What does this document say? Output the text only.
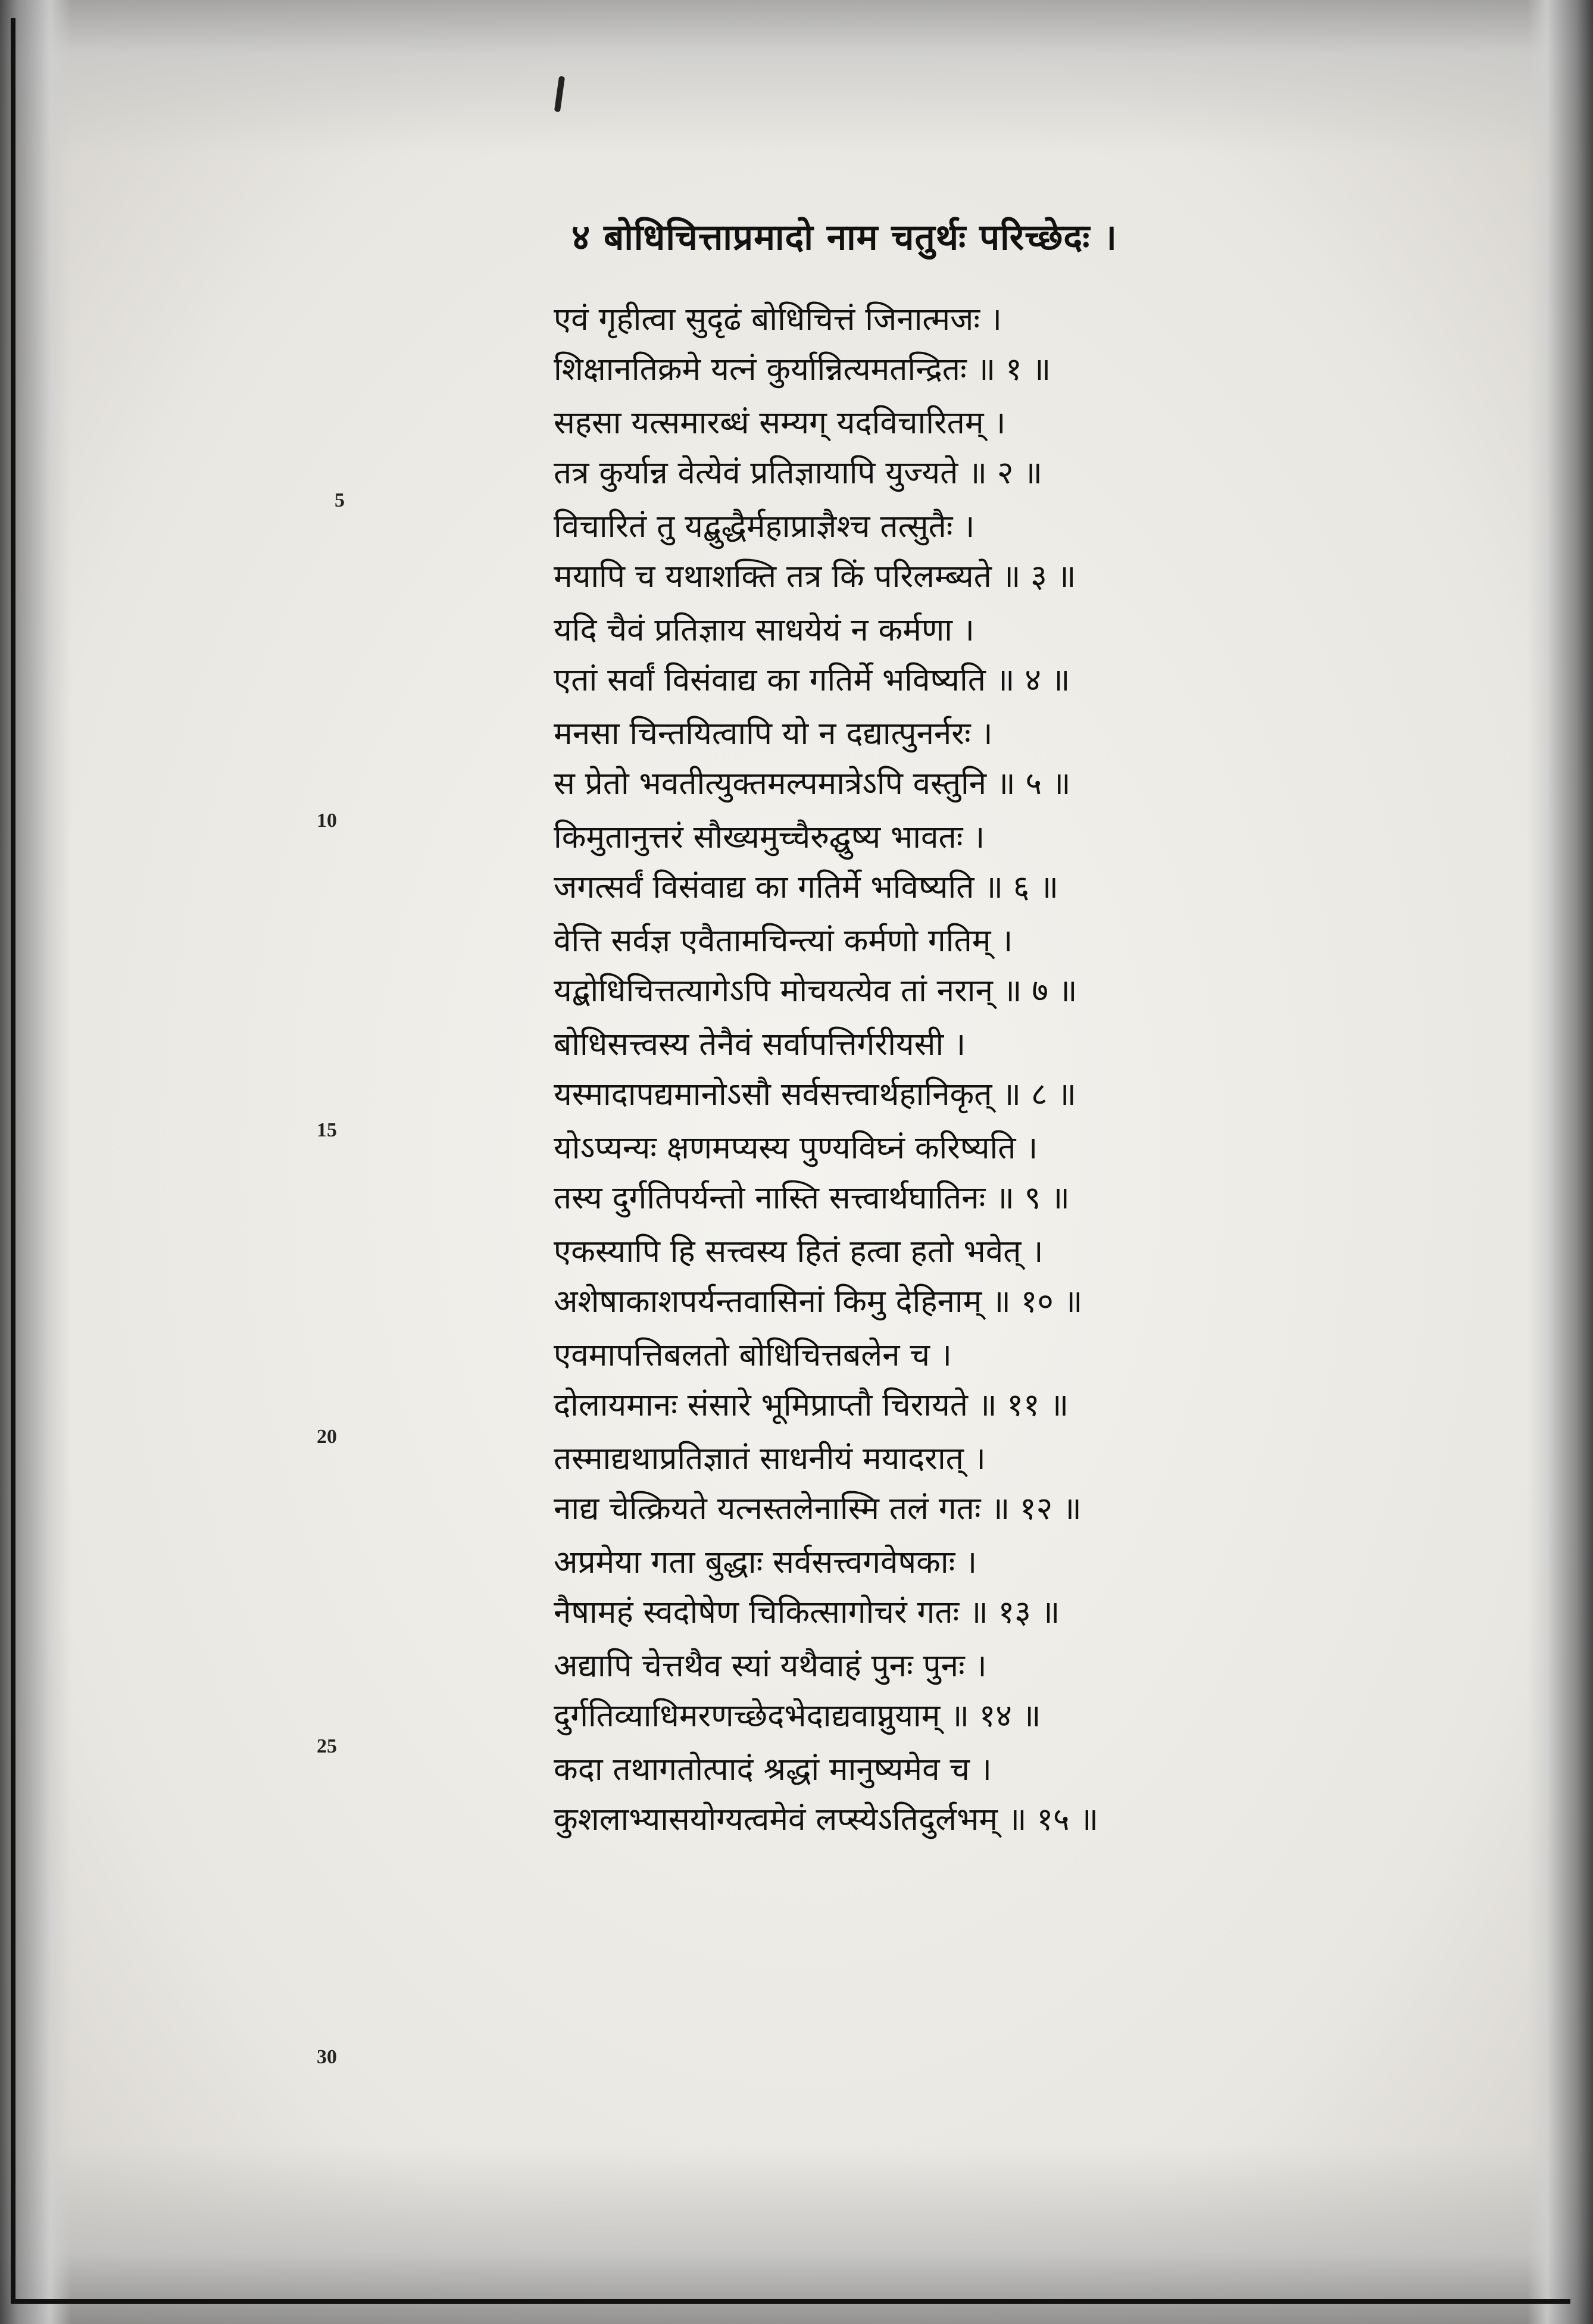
४ बोधिचित्ताप्रमादो नाम चतुर्थः परिच्छेदः ।
5
10
15
20
25
30
एवं गृहीत्वा सुदृढं बोधिचित्तं जिनात्मजः ।
शिक्षानतिक्रमे यत्नं कुर्यान्नित्यमतन्द्रितः ॥ १ ॥
सहसा यत्समारब्धं सम्यग् यदविचारितम् ।
तत्र कुर्यान्न वेत्येवं प्रतिज्ञायापि युज्यते ॥ २ ॥
विचारितं तु यद्बुद्धैर्महाप्राज्ञैश्च तत्सुतैः ।
मयापि च यथाशक्ति तत्र किं परिलम्ब्यते ॥ ३ ॥
यदि चैवं प्रतिज्ञाय साधयेयं न कर्मणा ।
एतां सर्वां विसंवाद्य का गतिर्मे भविष्यति ॥ ४ ॥
मनसा चिन्तयित्वापि यो न दद्यात्पुनर्नरः ।
स प्रेतो भवतीत्युक्तमल्पमात्रेऽपि वस्तुनि ॥ ५ ॥
किमुतानुत्तरं सौख्यमुच्चैरुद्घुष्य भावतः ।
जगत्सर्वं विसंवाद्य का गतिर्मे भविष्यति ॥ ६ ॥
वेत्ति सर्वज्ञ एवैतामचिन्त्यां कर्मणो गतिम् ।
यद्बोधिचित्तत्यागेऽपि मोचयत्येव तां नरान् ॥ ७ ॥
बोधिसत्त्वस्य तेनैवं सर्वापत्तिर्गरीयसी ।
यस्मादापद्यमानोऽसौ सर्वसत्त्वार्थहानिकृत् ॥ ८ ॥
योऽप्यन्यः क्षणमप्यस्य पुण्यविघ्नं करिष्यति ।
तस्य दुर्गतिपर्यन्तो नास्ति सत्त्वार्थघातिनः ॥ ९ ॥
एकस्यापि हि सत्त्वस्य हितं हत्वा हतो भवेत् ।
अशेषाकाशपर्यन्तवासिनां किमु देहिनाम् ॥ १० ॥
एवमापत्तिबलतो बोधिचित्तबलेन च ।
दोलायमानः संसारे भूमिप्राप्तौ चिरायते ॥ ११ ॥
तस्माद्यथाप्रतिज्ञातं साधनीयं मयादरात् ।
नाद्य चेत्क्रियते यत्नस्तलेनास्मि तलं गतः ॥ १२ ॥
अप्रमेया गता बुद्धाः सर्वसत्त्वगवेषकाः ।
नैषामहं स्वदोषेण चिकित्सागोचरं गतः ॥ १३ ॥
अद्यापि चेत्तथैव स्यां यथैवाहं पुनः पुनः ।
दुर्गतिव्याधिमरणच्छेदभेदाद्यवाप्नुयाम् ॥ १४ ॥
कदा तथागतोत्पादं श्रद्धां मानुष्यमेव च ।
कुशलाभ्यासयोग्यत्वमेवं लप्स्येऽतिदुर्लभम् ॥ १५ ॥
